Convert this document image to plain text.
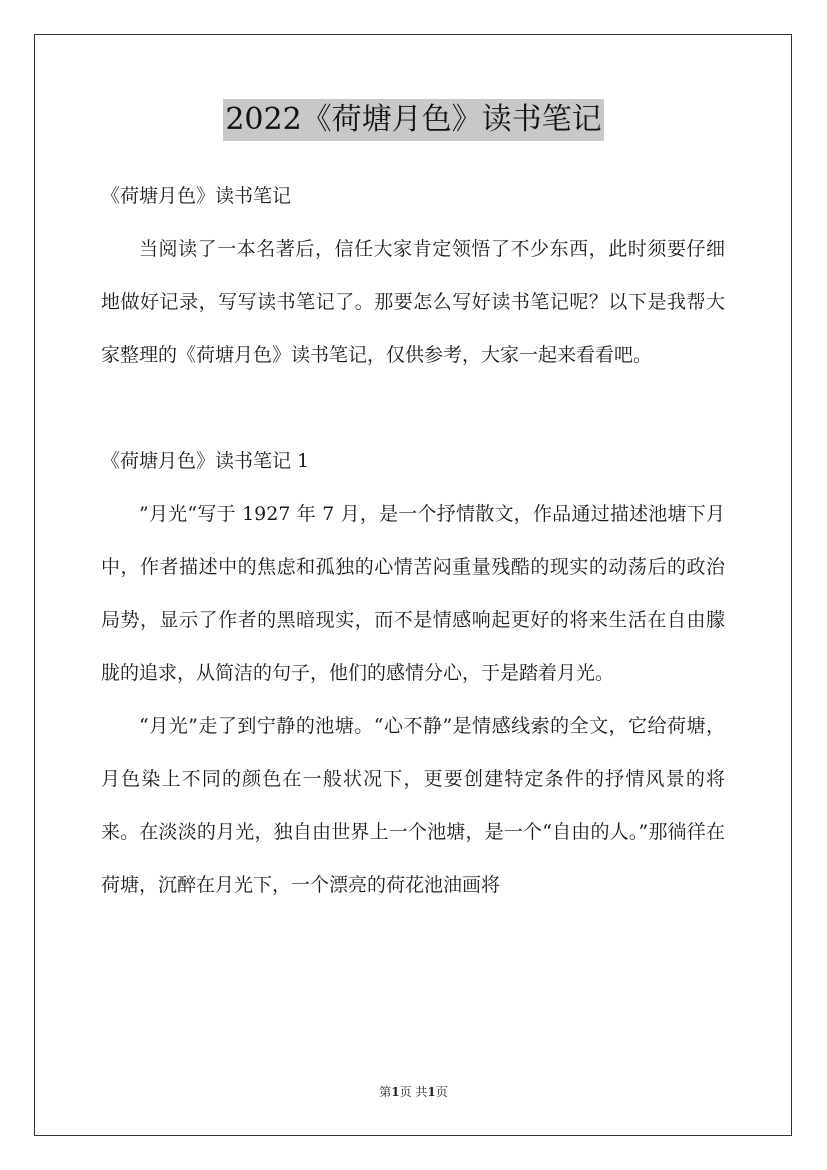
2022《荷塘月色》读书笔记

《荷塘月色》读书笔记

当阅读了一本名著后，信任大家肯定领悟了不少东西，此时须要仔细地做好记录，写写读书笔记了。那要怎么写好读书笔记呢？以下是我帮大家整理的《荷塘月色》读书笔记，仅供参考，大家一起来看看吧。

《荷塘月色》读书笔记 1

”月光“写于 1927 年 7 月，是一个抒情散文，作品通过描述池塘下月中，作者描述中的焦虑和孤独的心情苦闷重量残酷的现实的动荡后的政治局势，显示了作者的黑暗现实，而不是情感响起更好的将来生活在自由朦胧的追求，从简洁的句子，他们的感情分心，于是踏着月光。

“月光”走了到宁静的池塘。“心不静”是情感线索的全文，它给荷塘，月色染上不同的颜色在一般状况下，更要创建特定条件的抒情风景的将来。在淡淡的月光，独自由世界上一个池塘，是一个“自由的人。”那徜徉在荷塘，沉醉在月光下，一个漂亮的荷花池油画将

第1页 共1页
